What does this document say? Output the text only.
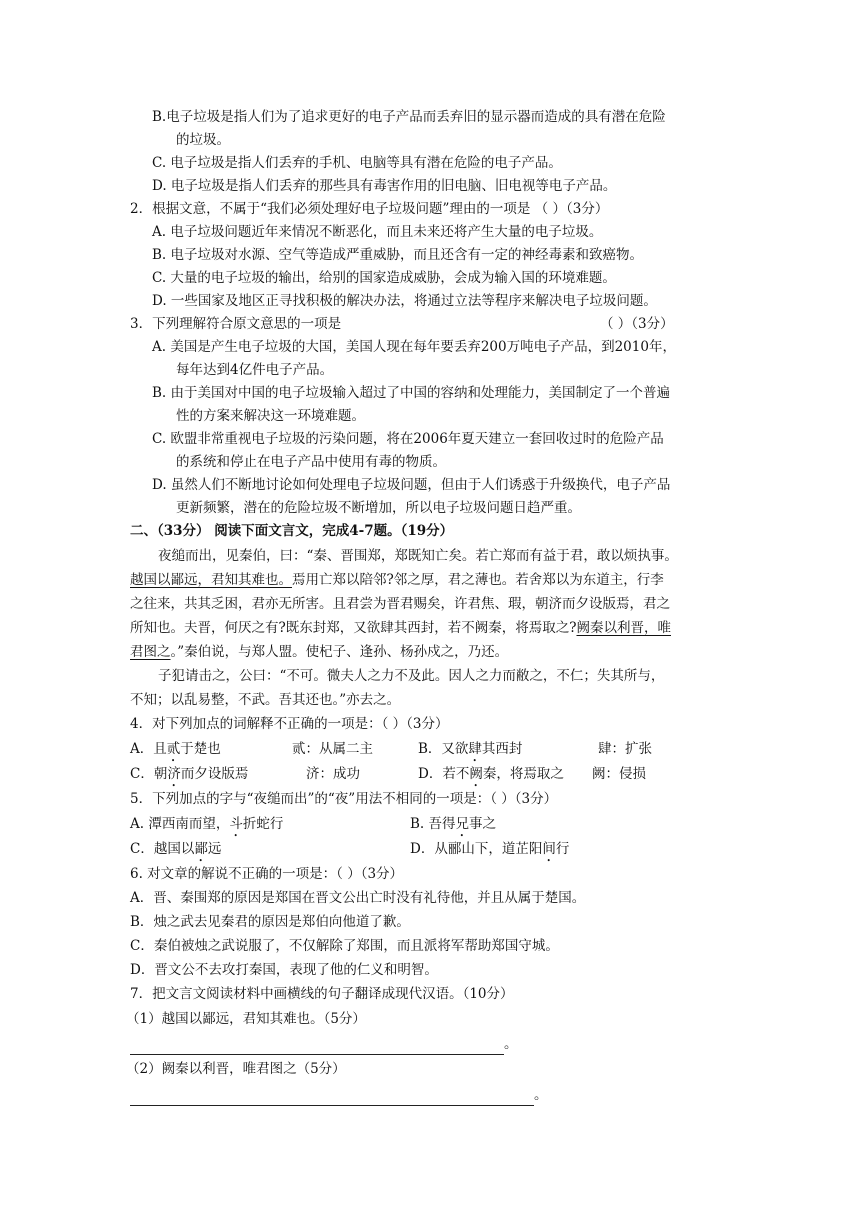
B.电子垃圾是指人们为了追求更好的电子产品而丢弃旧的显示器而造成的具有潜在危险
的垃圾。
C. 电子垃圾是指人们丢弃的手机、电脑等具有潜在危险的电子产品。
D. 电子垃圾是指人们丢弃的那些具有毒害作用的旧电脑、旧电视等电子产品。
2．根据文意，不属于“我们必须处理好电子垃圾问题”理由的一项是 （ ）（3分）
A. 电子垃圾问题近年来情况不断恶化，而且未来还将产生大量的电子垃圾。
B. 电子垃圾对水源、空气等造成严重威胁，而且还含有一定的神经毒素和致癌物。
C. 大量的电子垃圾的输出，给别的国家造成威胁，会成为输入国的环境难题。
D. 一些国家及地区正寻找积极的解决办法，将通过立法等程序来解决电子垃圾问题。
3．下列理解符合原文意思的一项是	（ ）（3分）
A. 美国是产生电子垃圾的大国，美国人现在每年要丢弃200万吨电子产品，到2010年，
每年达到4亿件电子产品。
B. 由于美国对中国的电子垃圾输入超过了中国的容纳和处理能力，美国制定了一个普遍
性的方案来解决这一环境难题。
C. 欧盟非常重视电子垃圾的污染问题，将在2006年夏天建立一套回收过时的危险产品
的系统和停止在电子产品中使用有毒的物质。
D. 虽然人们不断地讨论如何处理电子垃圾问题，但由于人们诱惑于升级换代，电子产品
更新频繁，潜在的危险垃圾不断增加，所以电子垃圾问题日趋严重。
二、（33分） 阅读下面文言文，完成4-7题。（19分）
夜缒而出，见秦伯，曰：“秦、晋围郑，郑既知亡矣。若亡郑而有益于君，敢以烦执事。
越国以鄙远，君知其难也。焉用亡郑以陪邻?邻之厚，君之薄也。若舍郑以为东道主，行李
之往来，共其乏困，君亦无所害。且君尝为晋君赐矣，许君焦、瑕，朝济而夕设版焉，君之
所知也。夫晋，何厌之有?既东封郑，又欲肆其西封，若不阙秦，将焉取之?阙秦以利晋，唯
君图之。”秦伯说，与郑人盟。使杞子、逢孙、杨孙戍之，乃还。
子犯请击之，公曰：“不可。微夫人之力不及此。因人之力而敝之，不仁；失其所与，
不知；以乱易整，不武。吾其还也。”亦去之。
4．对下列加点的词解释不正确的一项是：（ ）（3分）
A．且贰于楚也	贰：从属二主	B．又欲肆其西封	肆：扩张
C．朝济而夕设版焉	济：成功	D．若不阙秦，将焉取之 阙：侵损
5．下列加点的字与“夜缒而出”的“夜”用法不相同的一项是：（ ）（3分）
A. 潭西南而望，斗折蛇行	B. 吾得兄事之
C．越国以鄙远	D．从郦山下，道芷阳间行
6. 对文章的解说不正确的一项是：（ ）（3分）
A．晋、秦围郑的原因是郑国在晋文公出亡时没有礼待他，并且从属于楚国。
B．烛之武去见秦君的原因是郑伯向他道了歉。
C．秦伯被烛之武说服了，不仅解除了郑围，而且派将军帮助郑国守城。
D．晋文公不去攻打秦国，表现了他的仁义和明智。
7．把文言文阅读材料中画横线的句子翻译成现代汉语。（10分）
（1）越国以鄙远，君知其难也。（5分）
。
（2）阙秦以利晋，唯君图之（5分）
。
